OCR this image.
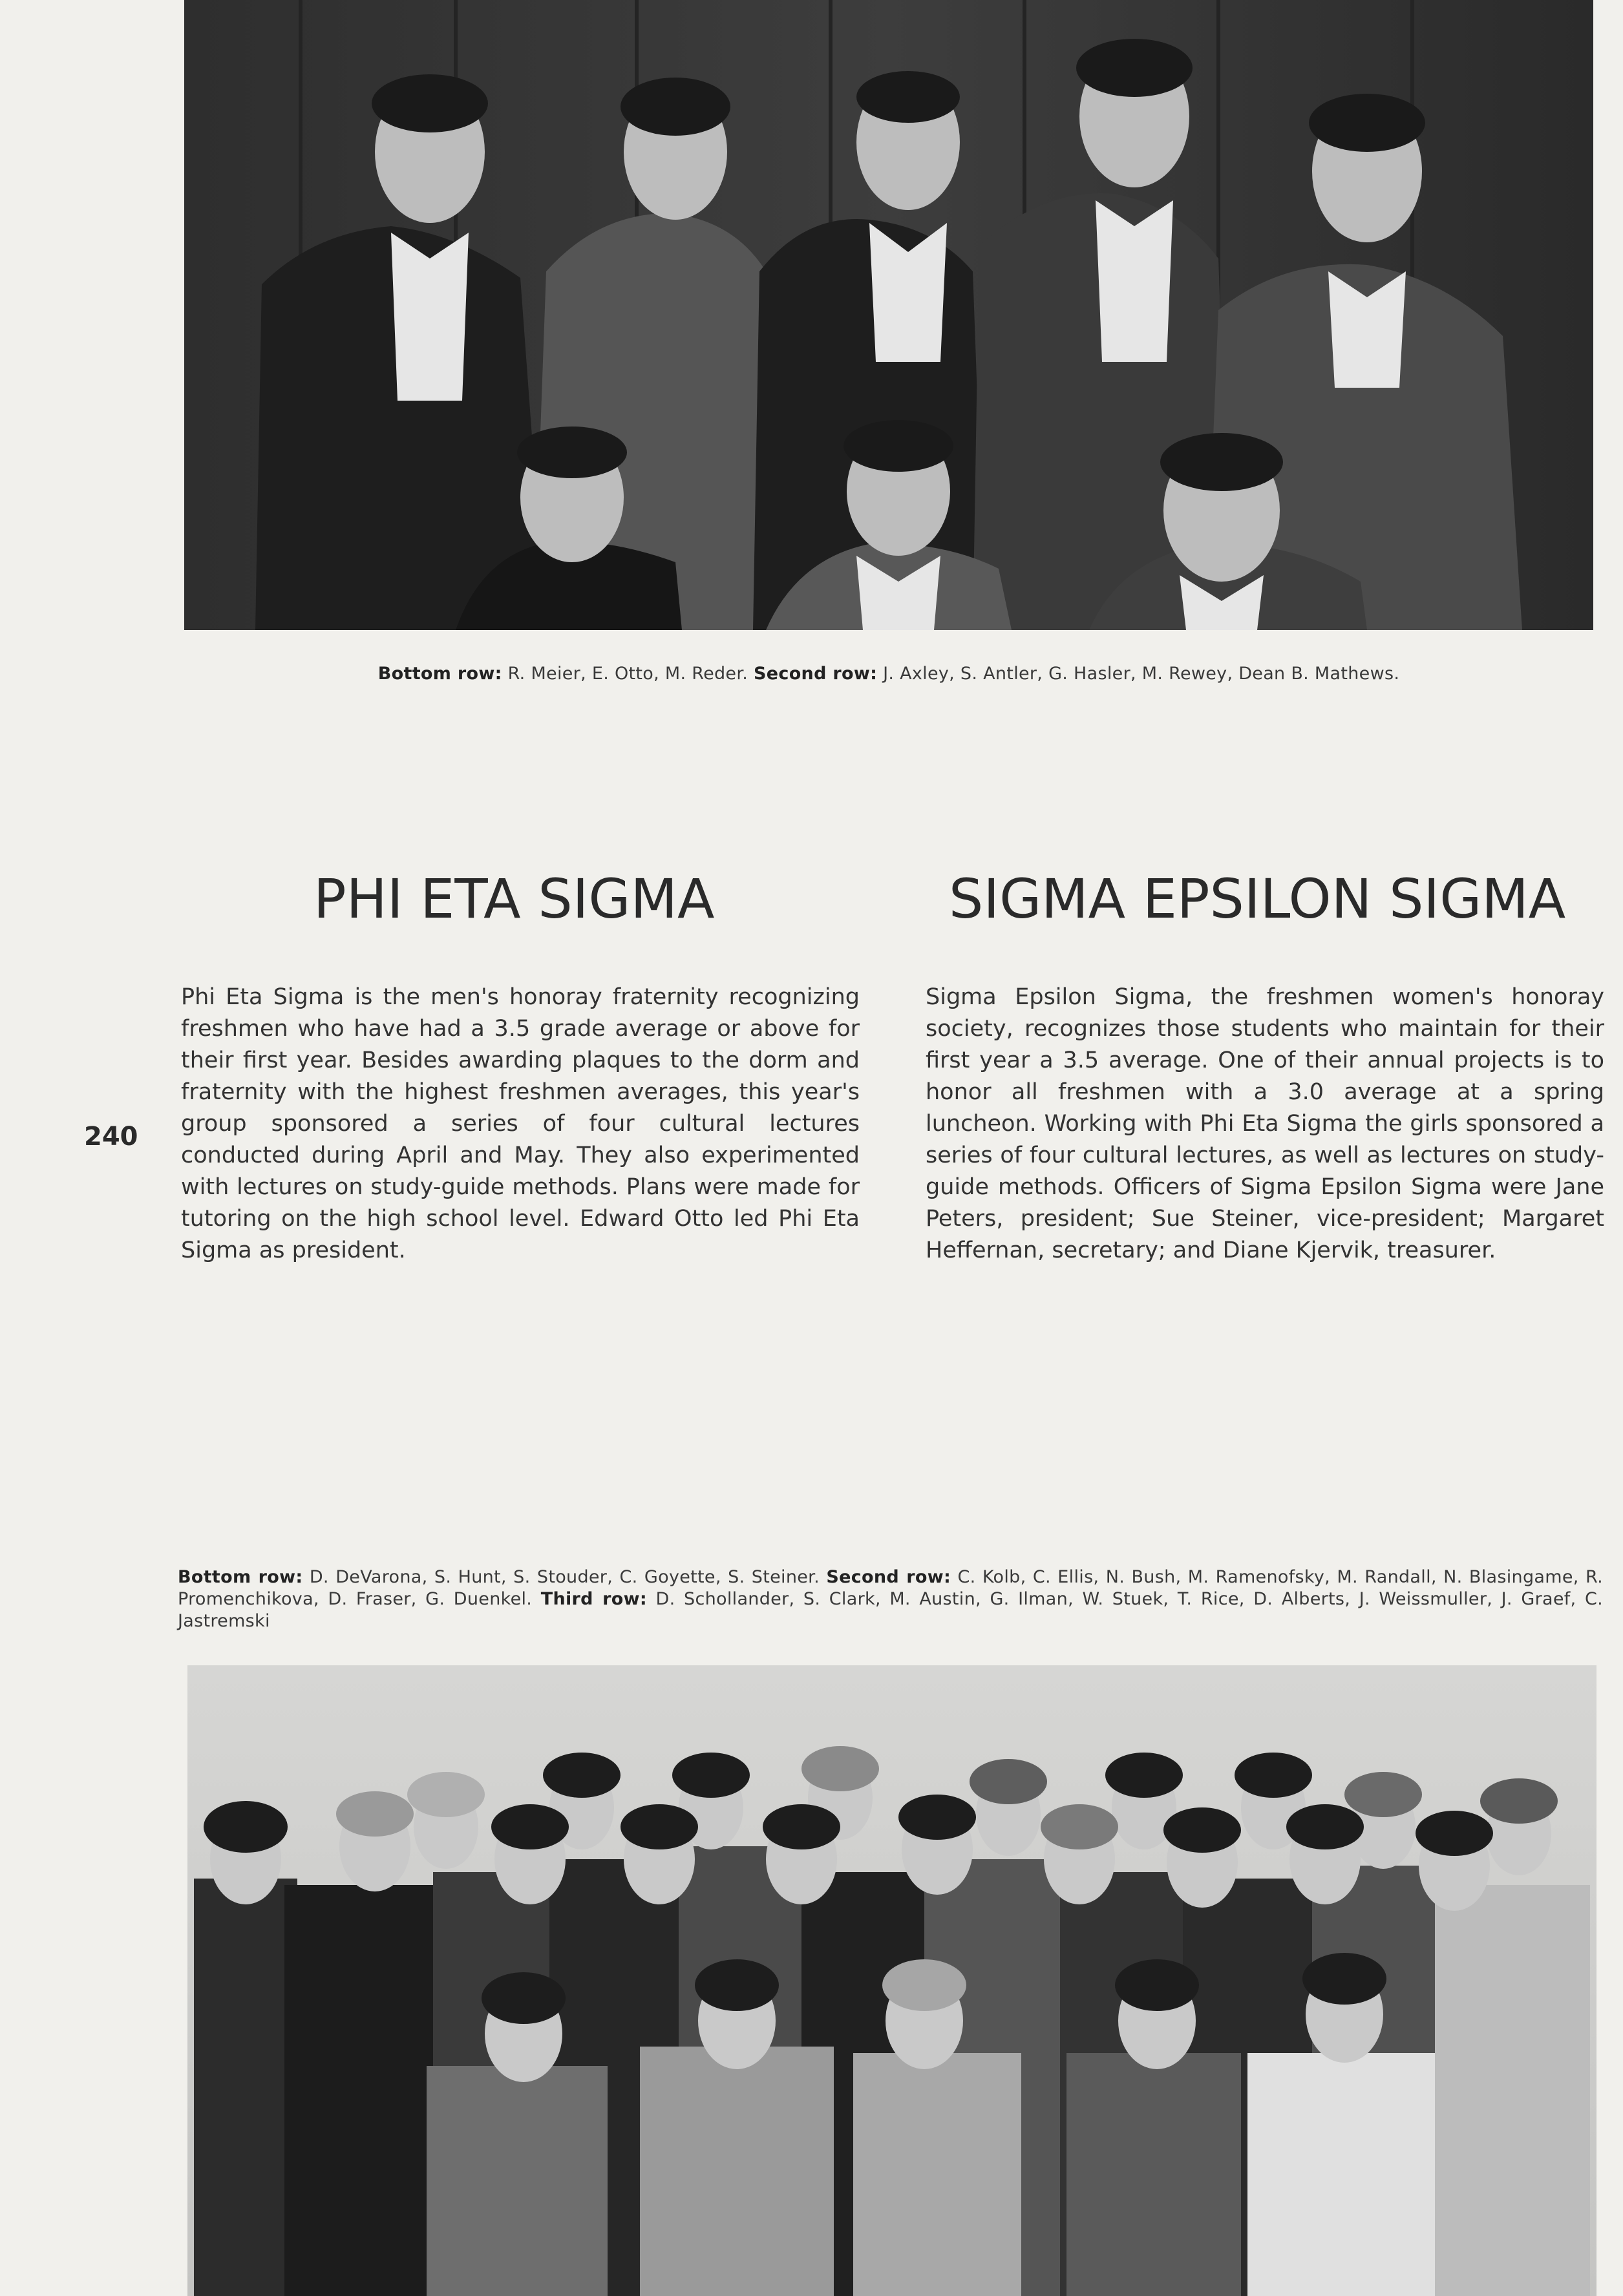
Bottom row: R. Meier, E. Otto, M. Reder. Second row: J. Axley, S. Antler, G. Hasler, M. Rewey, Dean B. Mathews.
PHI ETA SIGMA	SIGMA EPSILON SIGMA

Phi Eta Sigma is the men's honoray fraternity recognizing freshmen who have had a 3.5 grade average or above for their first year. Besides awarding plaques to the dorm and fraternity with the highest freshmen averages, this year's group sponsored a series of four cultural lectures conducted during April and May. They also experimented with lectures on study-guide methods. Plans were made for tutoring on the high school level. Edward Otto led Phi Eta Sigma as president.

Sigma Epsilon Sigma, the freshmen women's honoray society, recognizes those students who maintain for their first year a 3.5 average. One of their annual projects is to honor all freshmen with a 3.0 average at a spring luncheon. Working with Phi Eta Sigma the girls sponsored a series of four cultural lectures, as well as lectures on study-guide methods. Officers of Sigma Epsilon Sigma were Jane Peters, president; Sue Steiner, vice-president; Margaret Heffernan, secretary; and Diane Kjervik, treasurer.

240
Bottom row: D. DeVarona, S. Hunt, S. Stouder, C. Goyette, S. Steiner. Second row: C. Kolb, C. Ellis, N. Bush, M. Ramenofsky, M. Randall, N. Blasingame, R. Promenchikova, D. Fraser, G. Duenkel. Third row: D. Schollander, S. Clark, M. Austin, G. Ilman, W. Stuek, T. Rice, D. Alberts, J. Weissmuller, J. Graef, C. Jastremski
